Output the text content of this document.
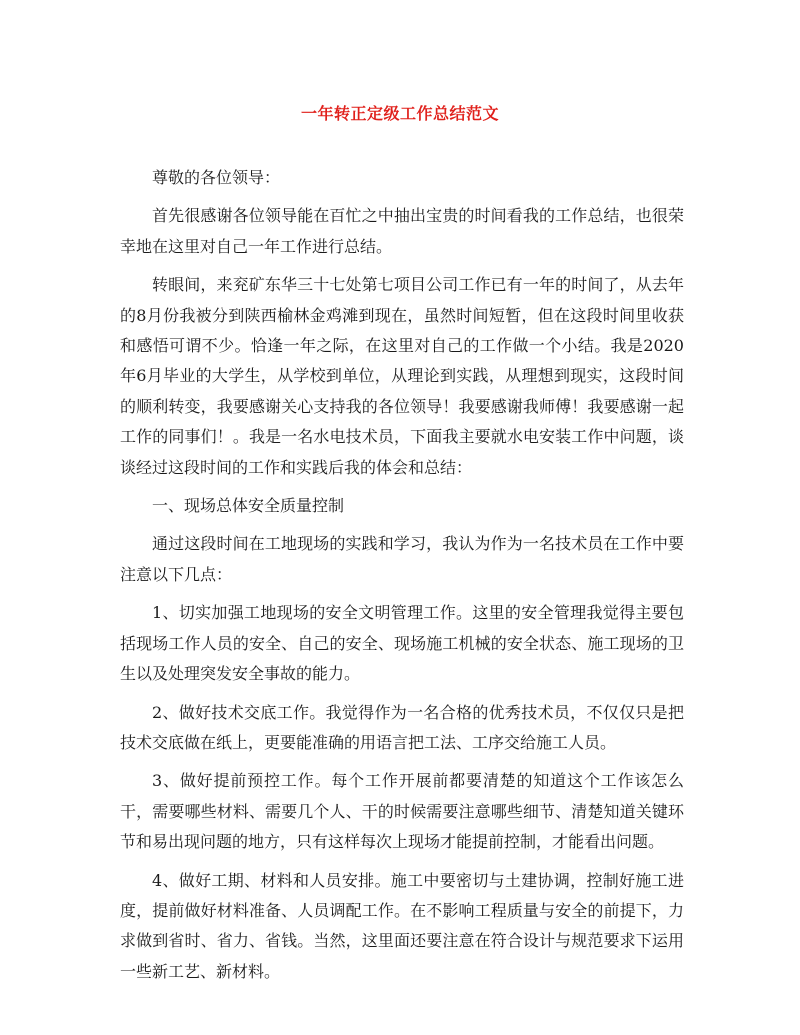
一年转正定级工作总结范文

尊敬的各位领导：

首先很感谢各位领导能在百忙之中抽出宝贵的时间看我的工作总结，也很荣幸地在这里对自己一年工作进行总结。

转眼间，来兖矿东华三十七处第七项目公司工作已有一年的时间了，从去年的8月份我被分到陕西榆林金鸡滩到现在，虽然时间短暂，但在这段时间里收获和感悟可谓不少。恰逢一年之际，在这里对自己的工作做一个小结。我是2020年6月毕业的大学生，从学校到单位，从理论到实践，从理想到现实，这段时间的顺利转变，我要感谢关心支持我的各位领导！我要感谢我师傅！我要感谢一起工作的同事们！。我是一名水电技术员，下面我主要就水电安装工作中问题，谈谈经过这段时间的工作和实践后我的体会和总结：

一、现场总体安全质量控制

通过这段时间在工地现场的实践和学习，我认为作为一名技术员在工作中要注意以下几点：

1、切实加强工地现场的安全文明管理工作。这里的安全管理我觉得主要包括现场工作人员的安全、自己的安全、现场施工机械的安全状态、施工现场的卫生以及处理突发安全事故的能力。

2、做好技术交底工作。我觉得作为一名合格的优秀技术员，不仅仅只是把技术交底做在纸上，更要能准确的用语言把工法、工序交给施工人员。

3、做好提前预控工作。每个工作开展前都要清楚的知道这个工作该怎么干，需要哪些材料、需要几个人、干的时候需要注意哪些细节、清楚知道关键环节和易出现问题的地方，只有这样每次上现场才能提前控制，才能看出问题。

4、做好工期、材料和人员安排。施工中要密切与土建协调，控制好施工进度，提前做好材料准备、人员调配工作。在不影响工程质量与安全的前提下，力求做到省时、省力、省钱。当然，这里面还要注意在符合设计与规范要求下运用一些新工艺、新材料。
